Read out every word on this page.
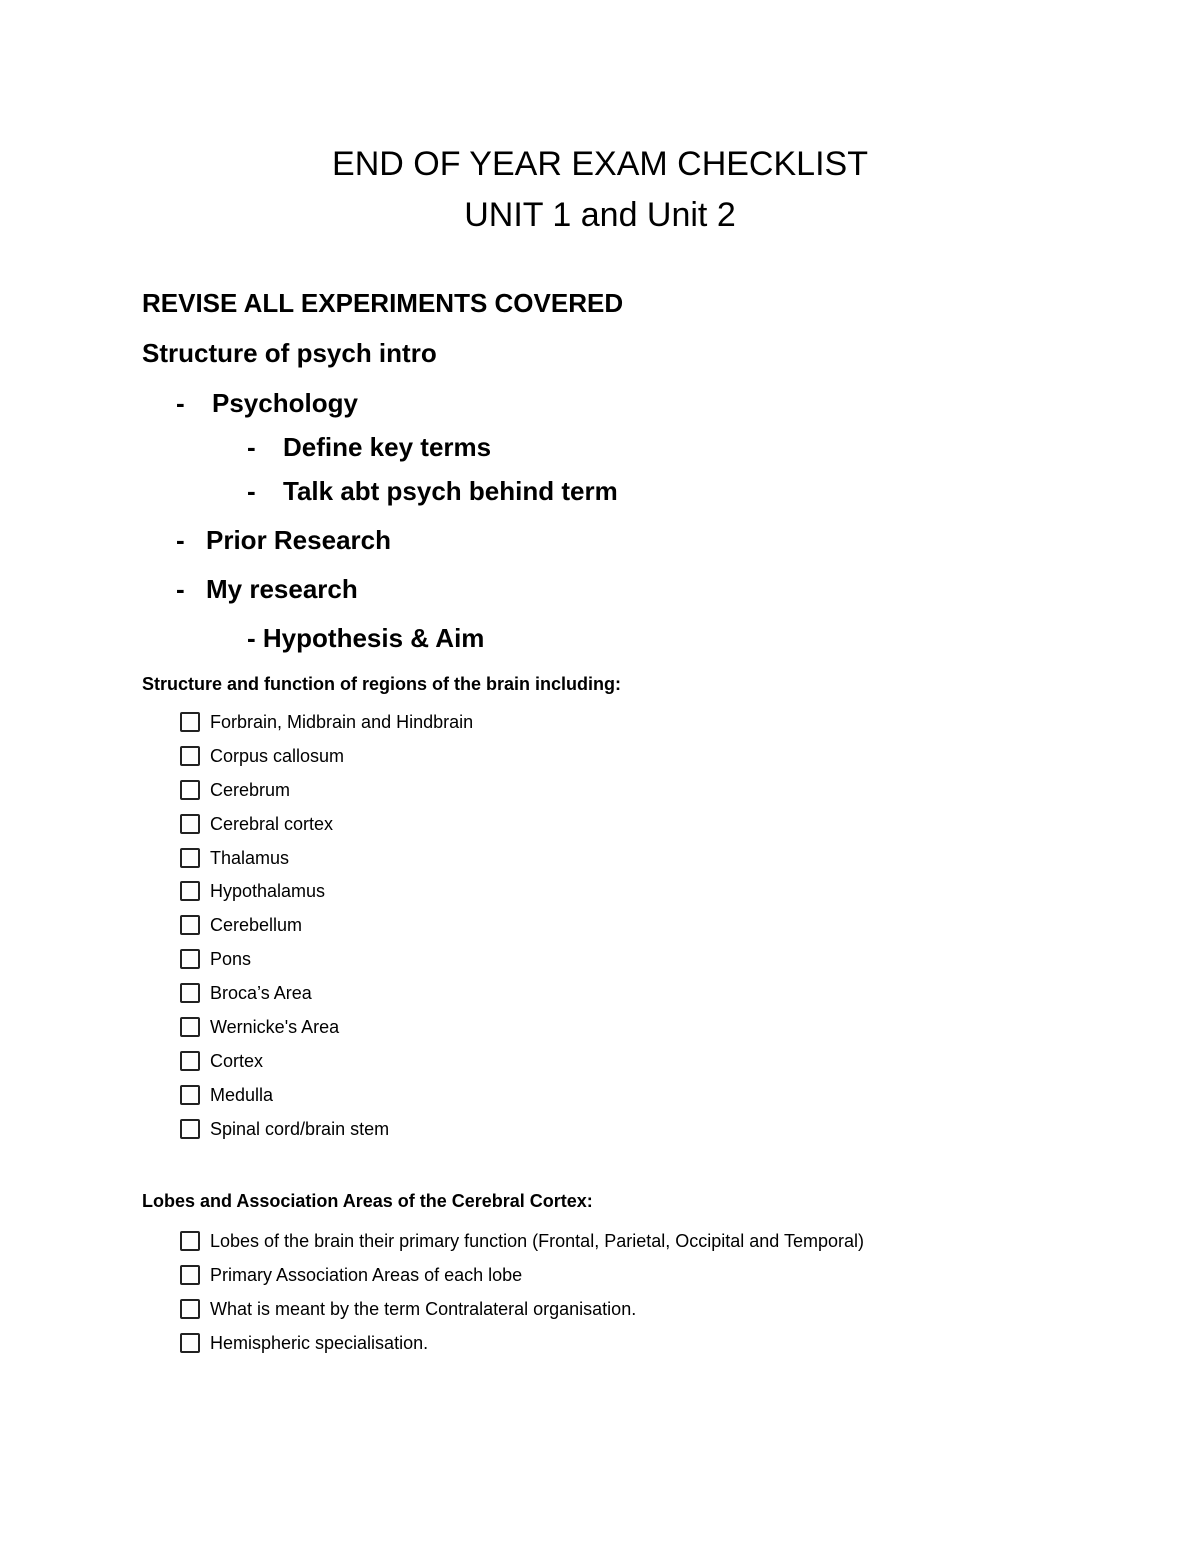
END OF YEAR EXAM CHECKLIST
UNIT 1 and Unit 2
REVISE ALL EXPERIMENTS COVERED
Structure of psych intro
- Psychology
- Define key terms
- Talk abt psych behind term
- Prior Research
- My research
- Hypothesis & Aim
Structure and function of regions of the brain including:
Forbrain, Midbrain and Hindbrain
Corpus callosum
Cerebrum
Cerebral cortex
Thalamus
Hypothalamus
Cerebellum
Pons
Broca’s Area
Wernicke's Area
Cortex
Medulla
Spinal cord/brain stem
Lobes and Association Areas of the Cerebral Cortex:
Lobes of the brain their primary function (Frontal, Parietal, Occipital and Temporal)
Primary Association Areas of each lobe
What is meant by the term Contralateral organisation.
Hemispheric specialisation.
